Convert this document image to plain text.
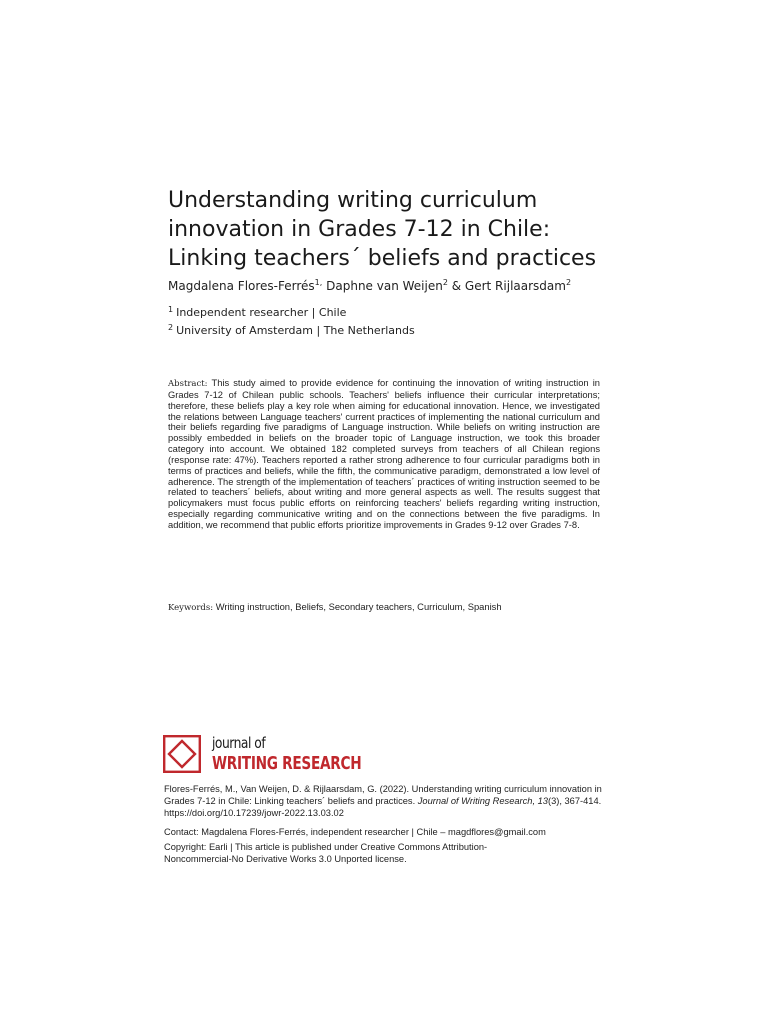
Understanding writing curriculum
innovation in Grades 7-12 in Chile:
Linking teachers´ beliefs and practices
Magdalena Flores-Ferrés$^{1,}$ Daphne van Weijen$^2$ & Gert Rijlaarsdam$^2$
$^1$ Independent researcher | Chile
$^2$ University of Amsterdam | The Netherlands

Abstract: This study aimed to provide evidence for continuing the innovation of writing instruction in Grades 7-12 of Chilean public schools. Teachers' beliefs influence their curricular interpretations; therefore, these beliefs play a key role when aiming for educational innovation. Hence, we investigated the relations between Language teachers' current practices of implementing the national curriculum and their beliefs regarding five paradigms of Language instruction. While beliefs on writing instruction are possibly embedded in beliefs on the broader topic of Language instruction, we took this broader category into account. We obtained 182 completed surveys from teachers of all Chilean regions (response rate: 47%). Teachers reported a rather strong adherence to four curricular paradigms both in terms of practices and beliefs, while the fifth, the communicative paradigm, demonstrated a low level of adherence. The strength of the implementation of teachers´ practices of writing instruction seemed to be related to teachers´ beliefs, about writing and more general aspects as well. The results suggest that policymakers must focus public efforts on reinforcing teachers' beliefs regarding writing instruction, especially regarding communicative writing and on the connections between the five paradigms. In addition, we recommend that public efforts prioritize improvements in Grades 9-12 over Grades 7-8.

Keywords: Writing instruction, Beliefs, Secondary teachers, Curriculum, Spanish
journal of
WRITING RESEARCH
Flores-Ferrés, M., Van Weijen, D. & Rijlaarsdam, G. (2022). Understanding writing curriculum innovation in Grades 7-12 in Chile: Linking teachers´ beliefs and practices. Journal of Writing Research, 13(3), 367-414. https://doi.org/10.17239/jowr-2022.13.03.02
Contact: Magdalena Flores-Ferrés, independent researcher | Chile – magdflores@gmail.com
Copyright: Earli | This article is published under Creative Commons Attribution-
Noncommercial-No Derivative Works 3.0 Unported license.
